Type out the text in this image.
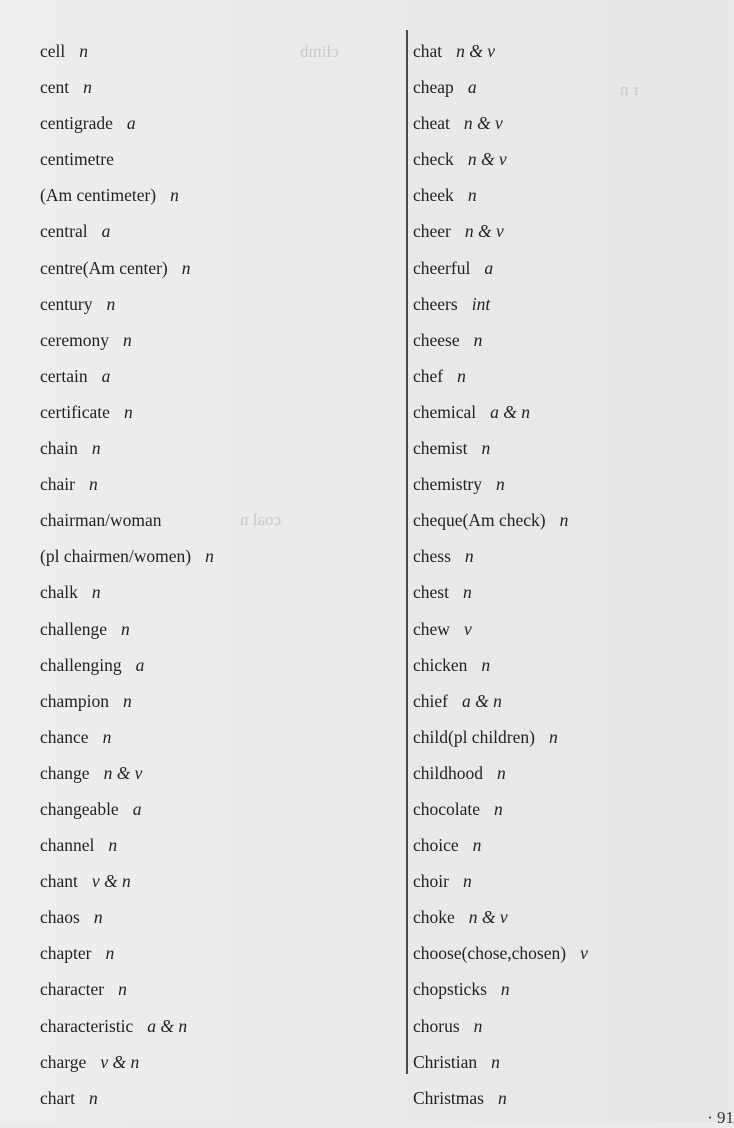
climb
coal n
r n
cell n
cent n
centigrade a
centimetre
(Am centimeter) n
central a
centre(Am center) n
century n
ceremony n
certain a
certificate n
chain n
chair n
chairman/woman
(pl chairmen/women) n
chalk n
challenge n
challenging a
champion n
chance n
change n & v
changeable a
channel n
chant v & n
chaos n
chapter n
character n
characteristic a & n
charge v & n
chart n
chat n & v
cheap a
cheat n & v
check n & v
cheek n
cheer n & v
cheerful a
cheers int
cheese n
chef n
chemical a & n
chemist n
chemistry n
cheque(Am check) n
chess n
chest n
chew v
chicken n
chief a & n
child(pl children) n
childhood n
chocolate n
choice n
choir n
choke n & v
choose(chose,chosen) v
chopsticks n
chorus n
Christian n
Christmas n
· 91
